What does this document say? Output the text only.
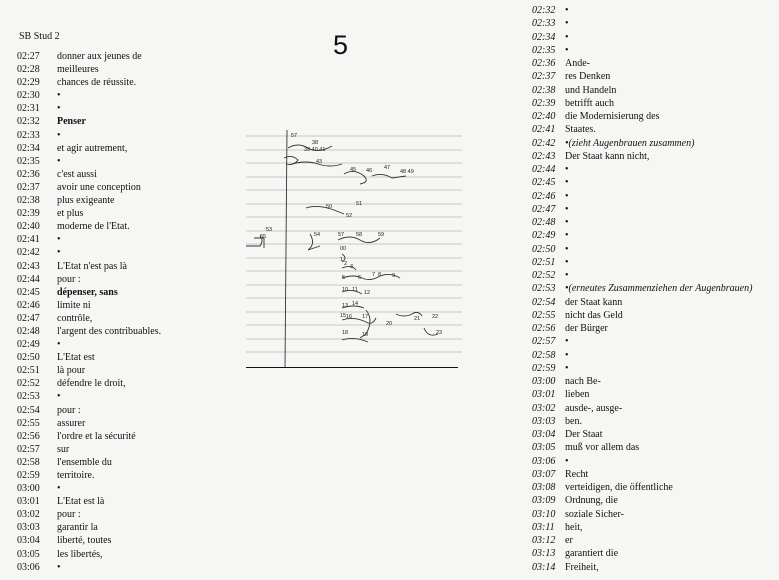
SB Stud 2	5
02:27	donner aux jeunes de
02:28	meilleures
02:29	chances de réussite.
02:30	•
02:31	•
02:32	Penser
02:33	•
02:34	et agir autrement,
02:35	•
02:36	c'est aussi
02:37	avoir une conception
02:38	plus exigeante
02:39	et plus
02:40	moderne de l'Etat.
02:41	•
02:42	•
02:43	L'Etat n'est pas là
02:44	pour :
02:45	dépenser, sans
02:46	limite ni
02:47	contrôle,
02:48	l'argent des contribuables.
02:49	•
02:50	L'Etat est
02:51	là pour
02:52	défendre le droit,
02:53	•
02:54	pour :
02:55	assurer
02:56	l'ordre et la sécurité
02:57	sur
02:58	l'ensemble du
02:59	territoire.
03:00	•
03:01	L'Etat est là
03:02	pour :
03:03	garantir la
03:04	liberté, toutes
03:05	les libertés,
03:06	•
02:32 •
02:33 •
02:34 •
02:35 •
02:36 Ande-
02:37 res Denken
02:38 und Handeln
02:39 betrifft auch
02:40 die Modernisierung des
02:41 Staates.
02:42 •(zieht Augenbrauen zusammen)
02:43 Der Staat kann nicht,
02:44 •
02:45 •
02:46 •
02:47 •
02:48 •
02:49 •
02:50 •
02:51 •
02:52 •
02:53 •(erneutes Zusammenziehen der Augenbrauen)
02:54 der Staat kann
02:55 nicht das Geld
02:56 der Bürger
02:57 •
02:58 •
02:59 •
03:00 nach Be-
03:01 lieben
03:02 ausde-, ausge-
03:03 ben.
03:04 Der Staat
03:05 muß vor allem das
03:06 •
03:07 Recht
03:08 verteidigen, die öffentliche
03:09 Ordnung, die
03:10 soziale Sicher-
03:11	heit,
03:12 er
03:13 garantiert die
03:14 Freiheit,
57
38
39 40 41
43
45 46 47
48 49
50	51
52
53
54
55	57 58	59
00
1
2 3
5 6 7 8 9
10 11 12
13 14
15 16 17
20
21 22
18	19	23
